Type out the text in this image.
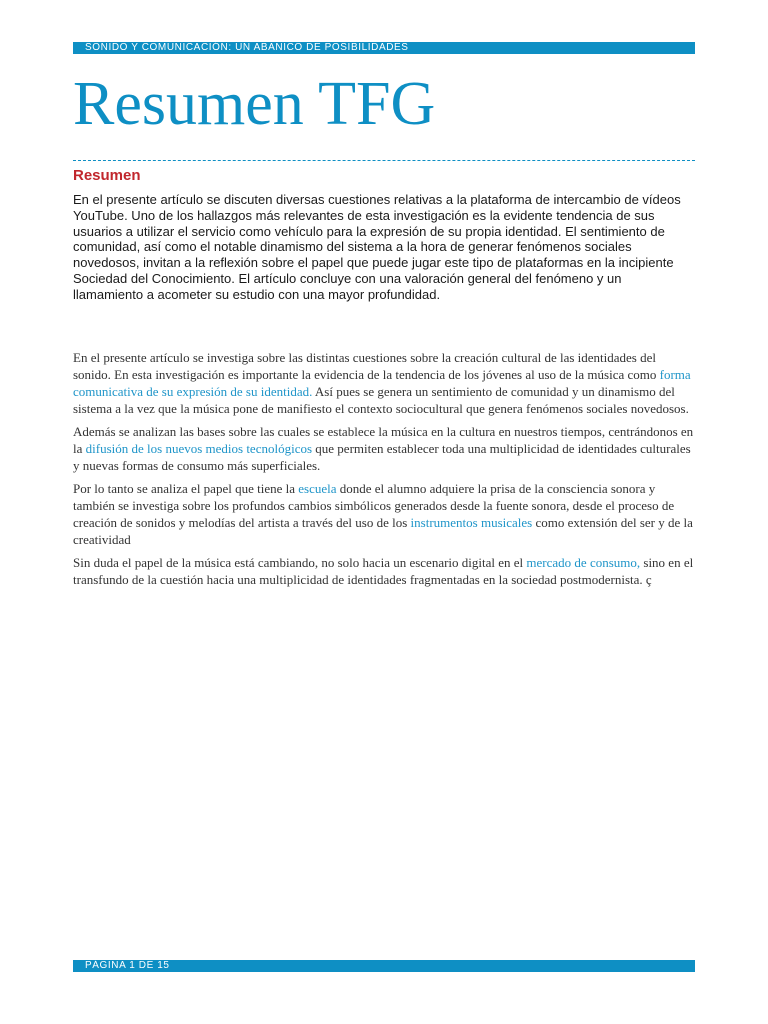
SONIDO Y COMUNICACIÓN: UN ABANICO DE POSIBILIDADES
Resumen TFG
Resumen

En el presente artículo se discuten diversas cuestiones relativas a la plataforma de intercambio de vídeos YouTube. Uno de los hallazgos más relevantes de esta investigación es la evidente tendencia de sus usuarios a utilizar el servicio como vehículo para la expresión de su propia identidad. El sentimiento de comunidad, así como el notable dinamismo del sistema a la hora de generar fenómenos sociales novedosos, invitan a la reflexión sobre el papel que puede jugar este tipo de plataformas en la incipiente Sociedad del Conocimiento. El artículo concluye con una valoración general del fenómeno y un llamamiento a acometer su estudio con una mayor profundidad.

En el presente artículo se investiga sobre las distintas cuestiones sobre la creación cultural de las identidades del sonido. En esta investigación es importante la evidencia de la tendencia de los jóvenes al uso de la música como forma comunicativa de su expresión de su identidad. Así pues se genera un sentimiento de comunidad y un dinamismo del sistema a la vez que la música pone de manifiesto el contexto sociocultural que genera fenómenos sociales novedosos.

Además se analizan las bases sobre las cuales se establece la música en la cultura en nuestros tiempos, centrándonos en la difusión de los nuevos medios tecnológicos que permiten establecer toda una multiplicidad de identidades culturales y nuevas formas de consumo más superficiales.

Por lo tanto se analiza el papel que tiene la escuela donde el alumno adquiere la prisa de la consciencia sonora y también se investiga sobre los profundos cambios simbólicos generados desde la fuente sonora, desde el proceso de creación de sonidos y melodías del artista a través del uso de los instrumentos musicales como extensión del ser y de la creatividad

Sin duda el papel de la música está cambiando, no solo hacia un escenario digital en el mercado de consumo, sino en el transfundo de la cuestión hacia una multiplicidad de identidades fragmentadas en la sociedad postmodernista. ç

PÁGINA 1 DE 15
